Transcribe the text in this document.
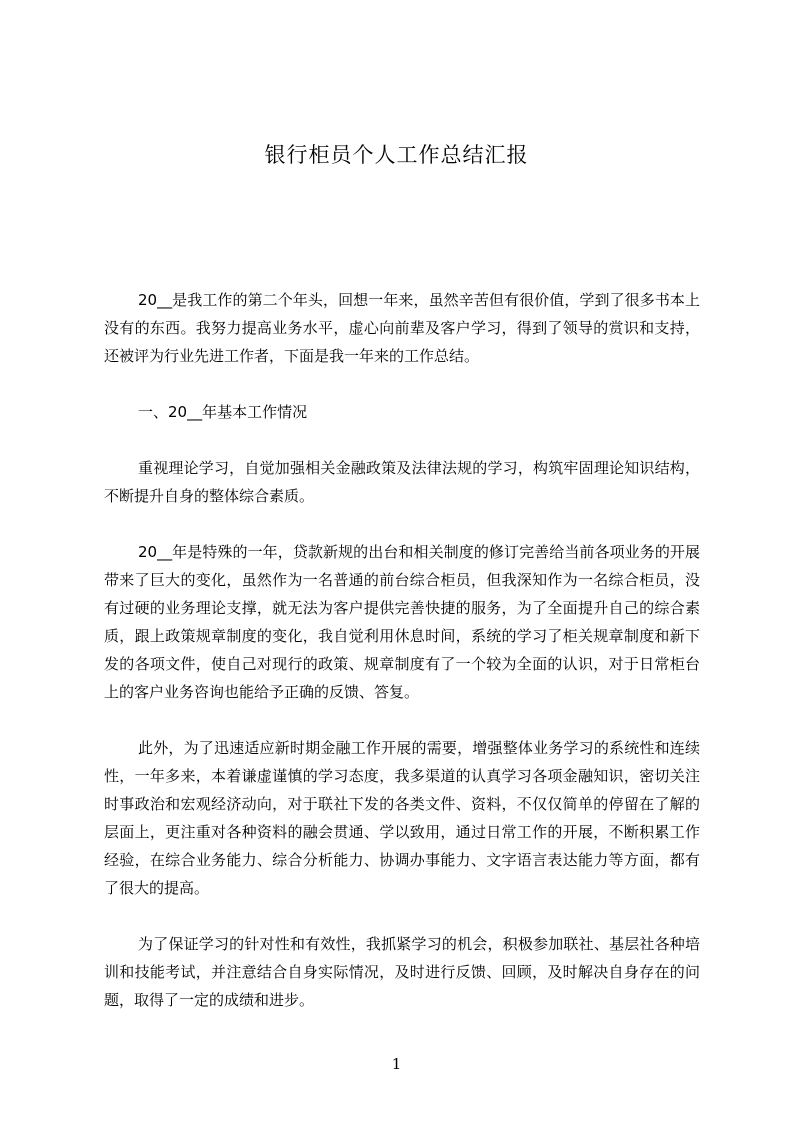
银行柜员个人工作总结汇报

20__是我工作的第二个年头，回想一年来，虽然辛苦但有很价值，学到了很多书本上没有的东西。我努力提高业务水平，虚心向前辈及客户学习，得到了领导的赏识和支持，还被评为行业先进工作者，下面是我一年来的工作总结。

一、20__年基本工作情况

重视理论学习，自觉加强相关金融政策及法律法规的学习，构筑牢固理论知识结构，不断提升自身的整体综合素质。

20__年是特殊的一年，贷款新规的出台和相关制度的修订完善给当前各项业务的开展带来了巨大的变化，虽然作为一名普通的前台综合柜员，但我深知作为一名综合柜员，没有过硬的业务理论支撑，就无法为客户提供完善快捷的服务，为了全面提升自己的综合素质，跟上政策规章制度的变化，我自觉利用休息时间，系统的学习了柜关规章制度和新下发的各项文件，使自己对现行的政策、规章制度有了一个较为全面的认识，对于日常柜台上的客户业务咨询也能给予正确的反馈、答复。

此外，为了迅速适应新时期金融工作开展的需要，增强整体业务学习的系统性和连续性，一年多来，本着谦虚谨慎的学习态度，我多渠道的认真学习各项金融知识，密切关注时事政治和宏观经济动向，对于联社下发的各类文件、资料，不仅仅简单的停留在了解的层面上，更注重对各种资料的融会贯通、学以致用，通过日常工作的开展，不断积累工作经验，在综合业务能力、综合分析能力、协调办事能力、文字语言表达能力等方面，都有了很大的提高。

为了保证学习的针对性和有效性，我抓紧学习的机会，积极参加联社、基层社各种培训和技能考试，并注意结合自身实际情况，及时进行反馈、回顾，及时解决自身存在的问题，取得了一定的成绩和进步。

1
